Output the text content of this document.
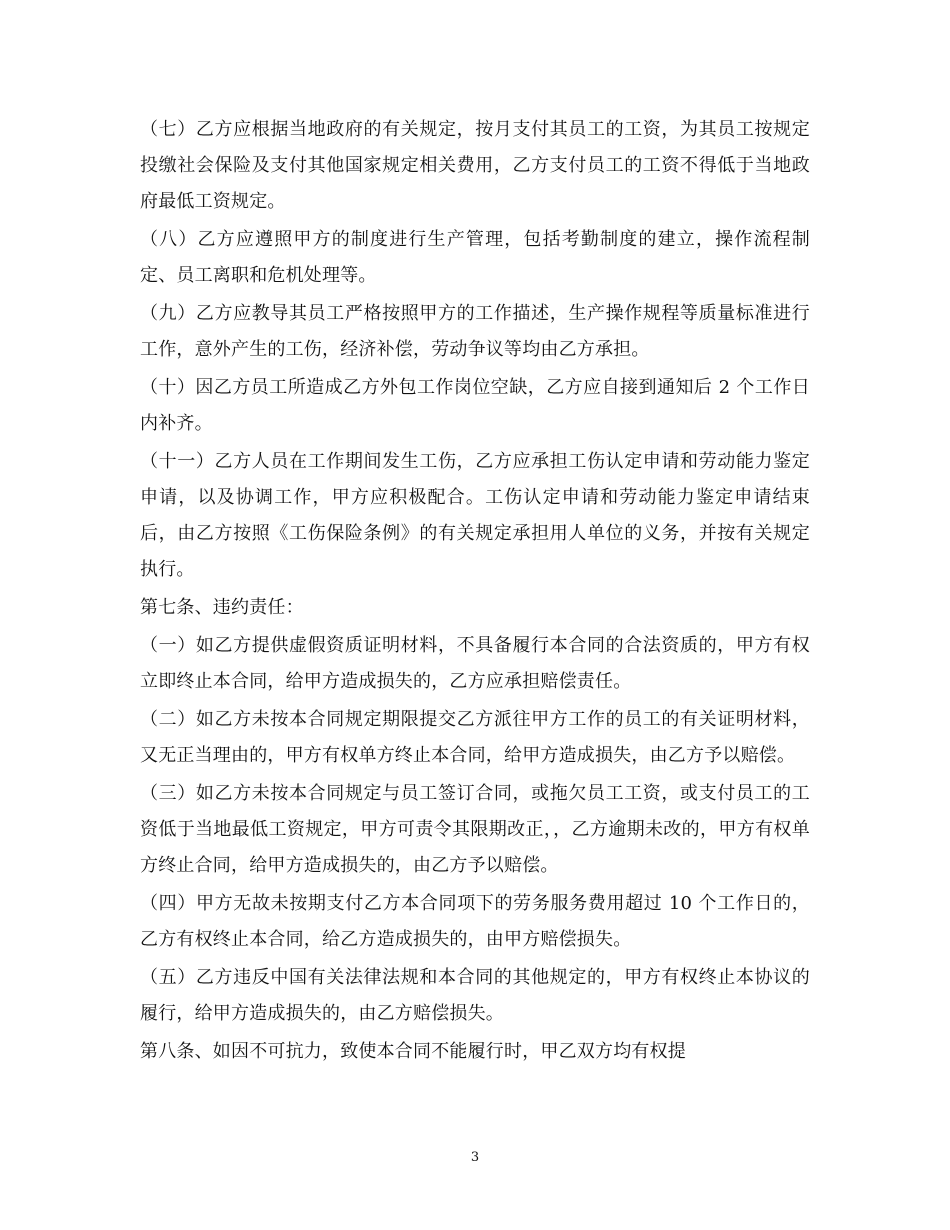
（七）乙方应根据当地政府的有关规定，按月支付其员工的工资，为其员工按规定投缴社会保险及支付其他国家规定相关费用，乙方支付员工的工资不得低于当地政府最低工资规定。

（八）乙方应遵照甲方的制度进行生产管理，包括考勤制度的建立，操作流程制定、员工离职和危机处理等。

（九）乙方应教导其员工严格按照甲方的工作描述，生产操作规程等质量标准进行工作，意外产生的工伤，经济补偿，劳动争议等均由乙方承担。

（十）因乙方员工所造成乙方外包工作岗位空缺，乙方应自接到通知后 2 个工作日内补齐。

（十一）乙方人员在工作期间发生工伤，乙方应承担工伤认定申请和劳动能力鉴定申请，以及协调工作，甲方应积极配合。工伤认定申请和劳动能力鉴定申请结束后，由乙方按照《工伤保险条例》的有关规定承担用人单位的义务，并按有关规定执行。

第七条、违约责任：

（一）如乙方提供虚假资质证明材料，不具备履行本合同的合法资质的，甲方有权立即终止本合同，给甲方造成损失的，乙方应承担赔偿责任。

（二）如乙方未按本合同规定期限提交乙方派往甲方工作的员工的有关证明材料，又无正当理由的，甲方有权单方终止本合同，给甲方造成损失，由乙方予以赔偿。

（三）如乙方未按本合同规定与员工签订合同，或拖欠员工工资，或支付员工的工资低于当地最低工资规定，甲方可责令其限期改正，，乙方逾期未改的，甲方有权单方终止合同，给甲方造成损失的，由乙方予以赔偿。

（四）甲方无故未按期支付乙方本合同项下的劳务服务费用超过 10 个工作日的，乙方有权终止本合同，给乙方造成损失的，由甲方赔偿损失。

（五）乙方违反中国有关法律法规和本合同的其他规定的，甲方有权终止本协议的履行，给甲方造成损失的，由乙方赔偿损失。

第八条、如因不可抗力，致使本合同不能履行时，甲乙双方均有权提

3
